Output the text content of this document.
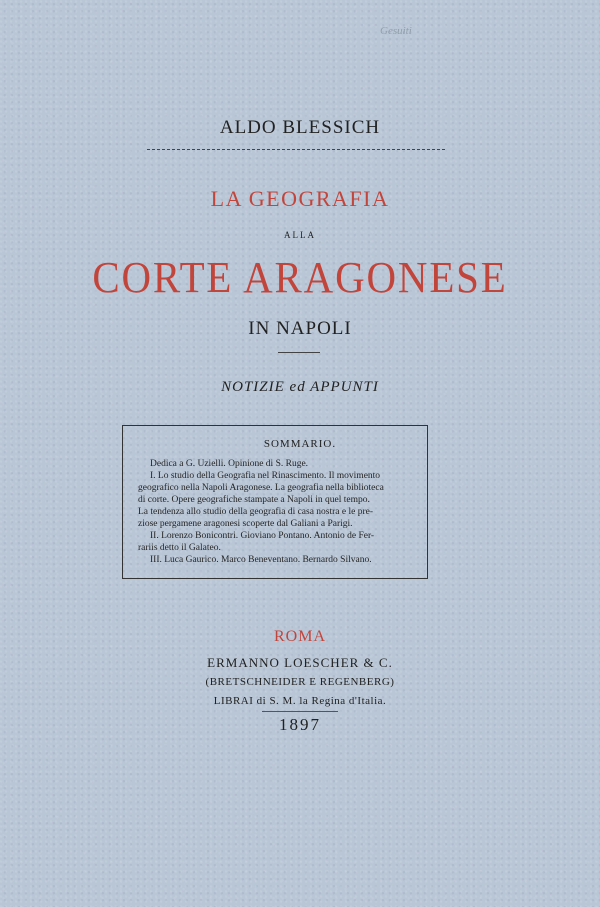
Gesuiti
ALDO BLESSICH
LA GEOGRAFIA
ALLA
CORTE ARAGONESE
IN NAPOLI
NOTIZIE ed APPUNTI
SOMMARIO.
Dedica a G. Uzielli. Opinione di S. Ruge.
I. Lo studio della Geografia nel Rinascimento. Il movimento
geografico nella Napoli Aragonese. La geografia nella biblioteca
di corte. Opere geografiche stampate a Napoli in quel tempo.
La tendenza allo studio della geografia di casa nostra e le pre-
ziose pergamene aragonesi scoperte dal Galiani a Parigi.
II. Lorenzo Bonicontri. Gioviano Pontano. Antonio de Fer-
rariis detto il Galateo.
III. Luca Gaurico. Marco Beneventano. Bernardo Silvano.
ROMA
ERMANNO LOESCHER & C.
(BRETSCHNEIDER E REGENBERG)
LIBRAI di S. M. la Regina d'Italia.
1897
